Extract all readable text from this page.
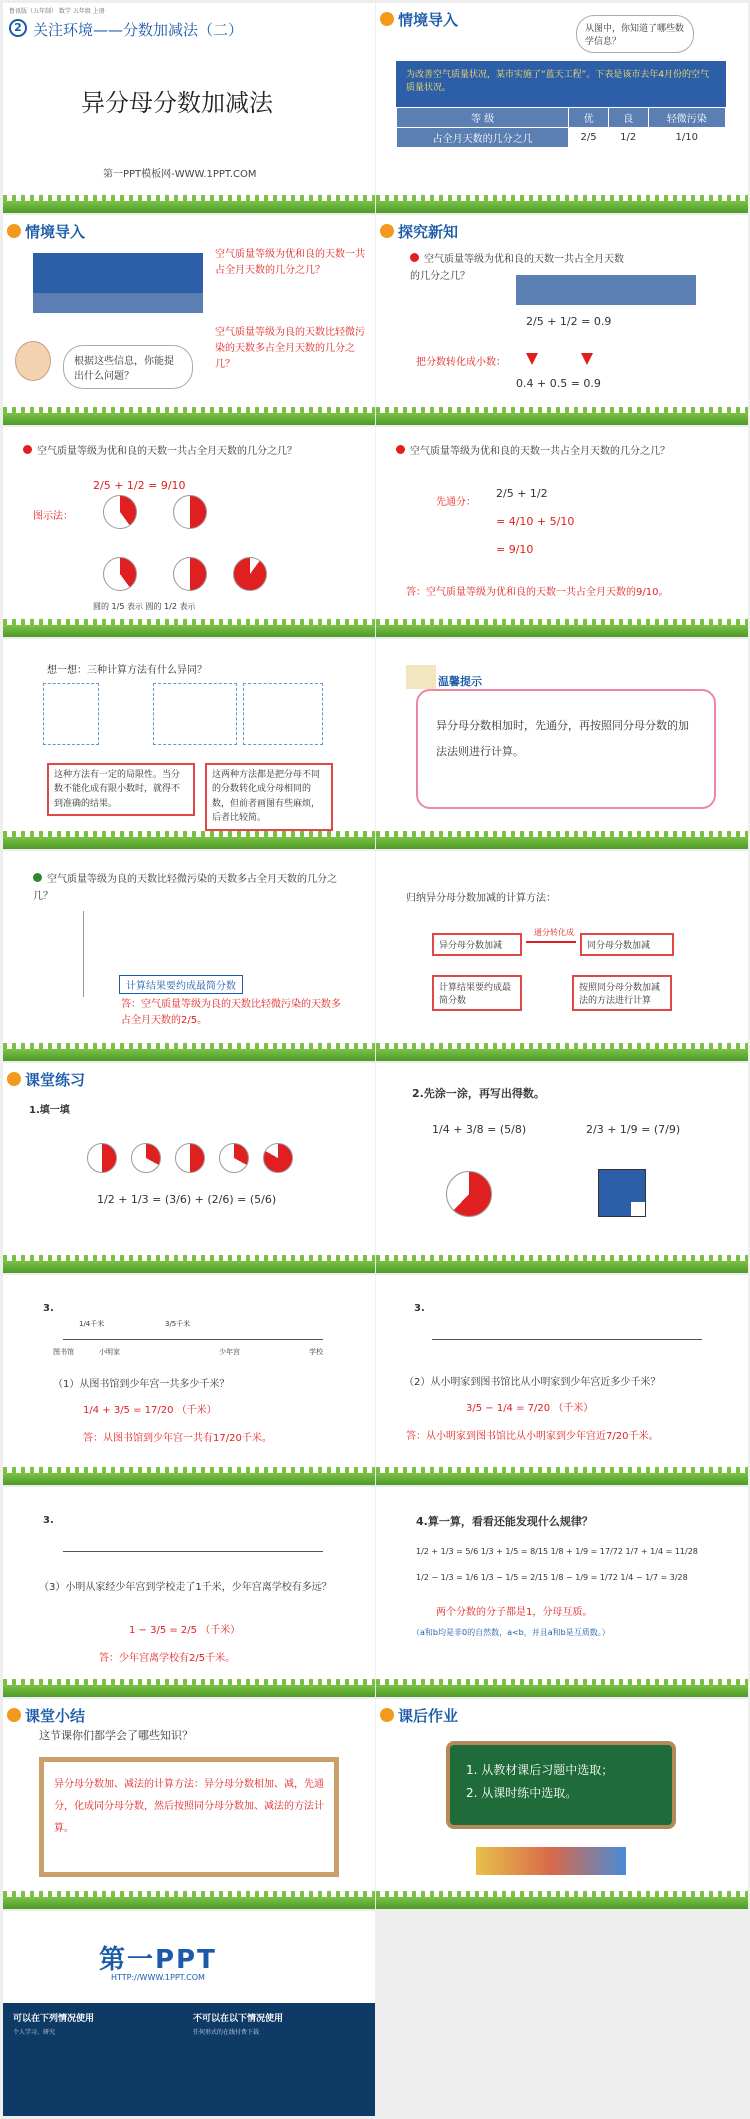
鲁讯版（五年制） 数学 五年级 上册
2 关注环境——分数加减法（二）
异分母分数加减法
第一PPT模板网-WWW.1PPT.COM
情境导入	从图中，你知道了哪些数学信息？
为改善空气质量状况，某市实施了“蓝天工程”。下表是该市去年4月份的空气质量状况。
等 级	优	良	轻微污染
占全月天数的几分之几	2/5	1/2	1/10
情境导入
空气质量等级为优和良的天数一共占全月天数的几分之几？
空气质量等级为良的天数比轻微污染的天数多占全月天数的几分之几？
根据这些信息，你能提出什么问题？
探究新知
空气质量等级为优和良的天数一共占全月天数的几分之几？
2/5 + 1/2 = 0.9
把分数转化成小数：
0.4 + 0.5 = 0.9
空气质量等级为优和良的天数一共占全月天数的几分之几？
2/5 + 1/2 = 9/10
图示法：
圆的 1/5 表示 圆的 1/2 表示
空气质量等级为优和良的天数一共占全月天数的几分之几？
先通分：
2/5 + 1/2
= 4/10 + 5/10
= 9/10
答：空气质量等级为优和良的天数一共占全月天数的9/10。
想一想：三种计算方法有什么异同？
这种方法有一定的局限性。当分数不能化成有限小数时，就得不到准确的结果。
这两种方法都是把分母不同的分数转化成分母相同的数，但前者画图有些麻烦，后者比较简。
温馨提示
异分母分数相加时，先通分，再按照同分母分数的加法法则进行计算。
空气质量等级为良的天数比轻微污染的天数多占全月天数的几分之几？
计算结果要约成最简分数
答：空气质量等级为良的天数比轻微污染的天数多占全月天数的2/5。
归纳异分母分数加减的计算方法：
异分母分数加减
通分转化成
同分母分数加减
按照同分母分数加减法的方法进行计算
计算结果要约成最简分数
课堂练习
1.填一填
1/2 + 1/3 = (3/6) + (2/6) = (5/6)
2.先涂一涂，再写出得数。
1/4 + 3/8 = (5/8)	2/3 + 1/9 = (7/9)
3.
1/4千米	3/5千米
图书馆	小明家	少年宫	学校
（1）从图书馆到少年宫一共多少千米？
1/4 + 3/5 = 17/20 （千米）
答：从图书馆到少年宫一共有17/20千米。
3.
（2）从小明家到图书馆比从小明家到少年宫近多少千米？
3/5 − 1/4 = 7/20 （千米）
答：从小明家到图书馆比从小明家到少年宫近7/20千米。
3.
（3）小明从家经少年宫到学校走了1千米，少年宫离学校有多远？
1 − 3/5 = 2/5 （千米）
答：少年宫离学校有2/5千米。
4.算一算，看看还能发现什么规律？
1/2 + 1/3 = 5/6 1/3 + 1/5 = 8/15 1/8 + 1/9 = 17/72 1/7 + 1/4 = 11/28
1/2 − 1/3 = 1/6 1/3 − 1/5 = 2/15 1/8 − 1/9 = 1/72 1/4 − 1/7 = 3/28
两个分数的分子都是1，分母互质。
（a和b均是非0的自然数，a<b，并且a和b是互质数。）
课堂小结
这节课你们都学会了哪些知识？
异分母分数加、减法的计算方法：异分母分数相加、减，先通分，化成同分母分数，然后按照同分母分数加、减法的方法计算。
课后作业
1. 从教材课后习题中选取；
2. 从课时练中选取。
第一PPT
HTTP://WWW.1PPT.COM
可以在下列情况使用	不可以在以下情况使用
个人学习、研究	任何形式的在线付费下载
